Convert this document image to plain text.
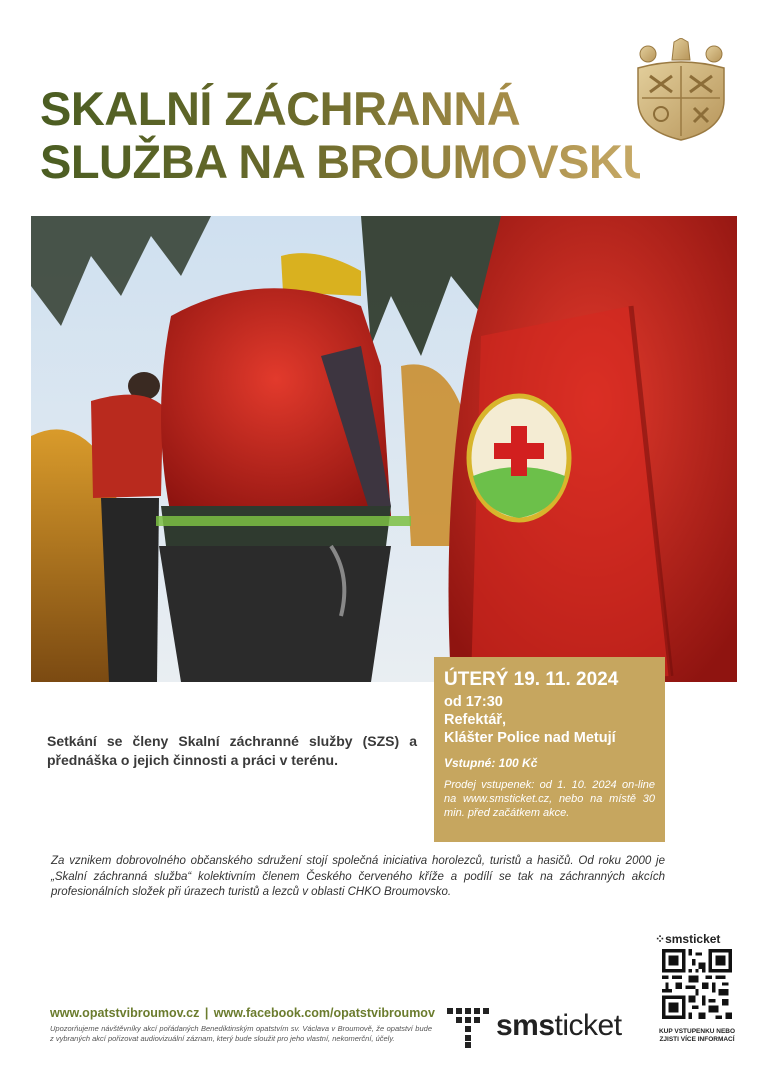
SKALNÍ ZÁCHRANNÁ
SLUŽBA NA BROUMOVSKU
ÚTERÝ 19. 11. 2024
od 17:30
Refektář,
Klášter Police nad Metují
Vstupné: 100 Kč
Prodej vstupenek: od 1. 10. 2024 on-line na www.smsticket.cz, nebo na místě 30 min. před začátkem akce.
Setkání se členy Skalní záchranné služby (SZS) a přednáška o jejich činnosti a práci v terénu.
Za vznikem dobrovolného občanského sdružení stojí společná iniciativa horolezců, turistů a hasičů. Od roku 2000 je „Skalní záchranná služba“ kolektivním členem Českého červeného kříže a podílí se tak na záchranných akcích profesionálních složek při úrazech turistů a lezců v oblasti CHKO Broumovsko.
www.opatstvibroumov.cz | www.facebook.com/opatstvibroumov
Upozorňujeme návštěvníky akcí pořádaných Benediktinským opatstvím sv. Václava v Broumově, že opatství bude z vybraných akcí pořizovat audiovizuální záznam, který bude sloužit pro jeho vlastní, nekomerční, účely.	smsticket
⁘smsticket
KUP VSTUPENKU NEBO ZJISTI VÍCE INFORMACÍ
